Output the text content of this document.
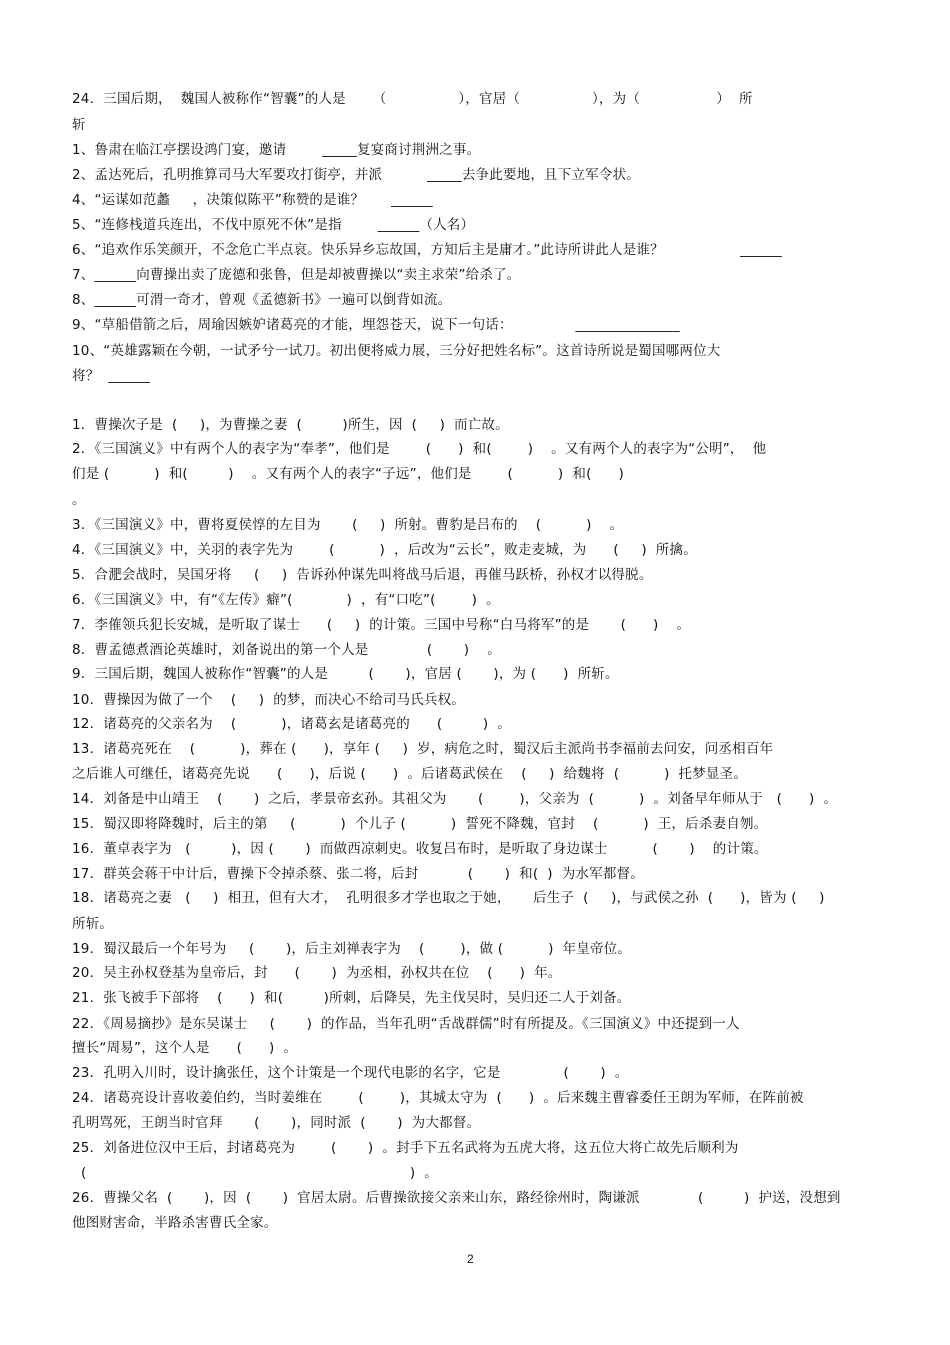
24．三国后期，  魏国人被称作“智囊”的人是      （                ），官居（                ），为（                 ）  所
斩
1、鲁肃在临江亭摆设鸿门宴，邀请        _____复宴商讨荆洲之事。
2、孟达死后，孔明推算司马大军要攻打街亭，并派          _____去争此要地，且下立军令状。
4、“运谋如范蠡     ，决策似陈平”称赞的是谁？      ______
5、“连修栈道兵连出，不伐中原死不休”是指        ______（人名）
6、“追欢作乐笑颜开，不念危亡半点哀。快乐异乡忘故国，方知后主是庸才。”此诗所讲此人是谁？                 ______
7、______向曹操出卖了庞德和张鲁，但是却被曹操以“卖主求荣”给杀了。
8、______可渭一奇才，曾观《孟德新书》一遍可以倒背如流。
9、“草船借箭之后，周瑜因嫉妒诸葛亮的才能，埋怨苍天，说下一句话：              _______________
10、“英雄露颖在今朝，一试矛兮一试刀。初出便将威力展，三分好把姓名标”。这首诗所说是蜀国哪两位大
将？  ______
1．曹操次子是  (     )，为曹操之妻  (         )所生，因  (     )  而亡故。
2．《三国演义》中有两个人的表字为“奉孝”，他们是        (      )  和(        )    。又有两个人的表字为“公明”，  他
们是 (          )  和(         )    。又有两个人的表字“子远”，他们是        (          )  和(      )
。
3．《三国演义》中，曹将夏侯惇的左目为       (     )  所射。曹豹是吕布的    (          )    。
4．《三国演义》中，关羽的表字先为        (          )  ，后改为“云长”，败走麦城，为      (     )  所擒。
5．合淝会战时，吴国牙将     (     )  告诉孙仲谋先叫将战马后退，再催马跃桥，孙权才以得脱。
6．《三国演义》中，有“《左传》癖”(            )  ，有“口吃”(        )  。
7．李傕领兵犯长安城，是听取了谋士      (     )  的计策。三国中号称“白马将军”的是       (      )    。
8．曹孟德煮酒论英雄时，刘备说出的第一个人是             (       )    。
9．三国后期，魏国人被称作“智囊”的人是         (       )，官居 (       )，为 (      )  所斩。
10．曹操因为做了一个    (     )  的梦，而决心不给司马氏兵权。
12．诸葛亮的父亲名为    (          )，诸葛玄是诸葛亮的      (         )  。
13．诸葛亮死在    (          )，葬在 (      )，享年 (     )  岁，病危之时，蜀汉后主派尚书李福前去问安，问丞相百年
之后谁人可继任，诸葛亮先说      (      )，后说 (      )  。后诸葛武侯在    (     )  给魏将  (          )  托梦显圣。
14．刘备是中山靖王    (       )  之后，孝景帝玄孙。其祖父为       (        )，父亲为  (          )  。刘备早年师从于   (      )  。
15．蜀汉即将降魏时，后主的第     (          )  个儿子 (          )  誓死不降魏，官封    (          )  王，后杀妻自刎。
16．董卓表字为   (         )，因 (       )  而做西凉刺史。收复吕布时，是听取了身边谋士          (       )    的计策。
17．群英会蒋干中计后，曹操下令掉杀蔡、张二将，后封           (       )  和(  )  为水军都督。
18．诸葛亮之妻   (     )  相丑，但有大才，  孔明很多才学也取之于她，     后生子  (     )，与武侯之孙  (      )，皆为 (     )
所斩。
19．蜀汉最后一个年号为     (       )，后主刘禅表字为    (        )，做 (          )  年皇帝位。
20．吴主孙权登基为皇帝后，封      (       )  为丞相，孙权共在位    (      )  年。
21．张飞被手下部将    (      )  和(         )所刺，后降吴，先主伐吴时，吴归还二人于刘备。
22．《周易摘抄》是东吴谋士     (       )  的作品，当年孔明“舌战群儒”时有所提及。《三国演义》中还提到一人
擅长“周易”，这个人是      (      )  。
23．孔明入川时，设计擒张任，这个计策是一个现代电影的名字，它是              (       )  。
24．诸葛亮设计喜收姜伯约，当时姜维在        (        )，其城太守为  (      )  。后来魏主曹睿委任王朗为军师，在阵前被
孔明骂死，王朗当时官拜       (       )，同时派  (       )  为大都督。
25．刘备进位汉中王后，封诸葛亮为        (       )  。封手下五名武将为五虎大将，这五位大将亡故先后顺利为
(                                                                        )  。
26．曹操父名  (       )，因  (       )  官居太尉。后曹操欲接父亲来山东，路经徐州时，陶谦派             (         )  护送，没想到
他图财害命，半路杀害曹氏全家。
2
